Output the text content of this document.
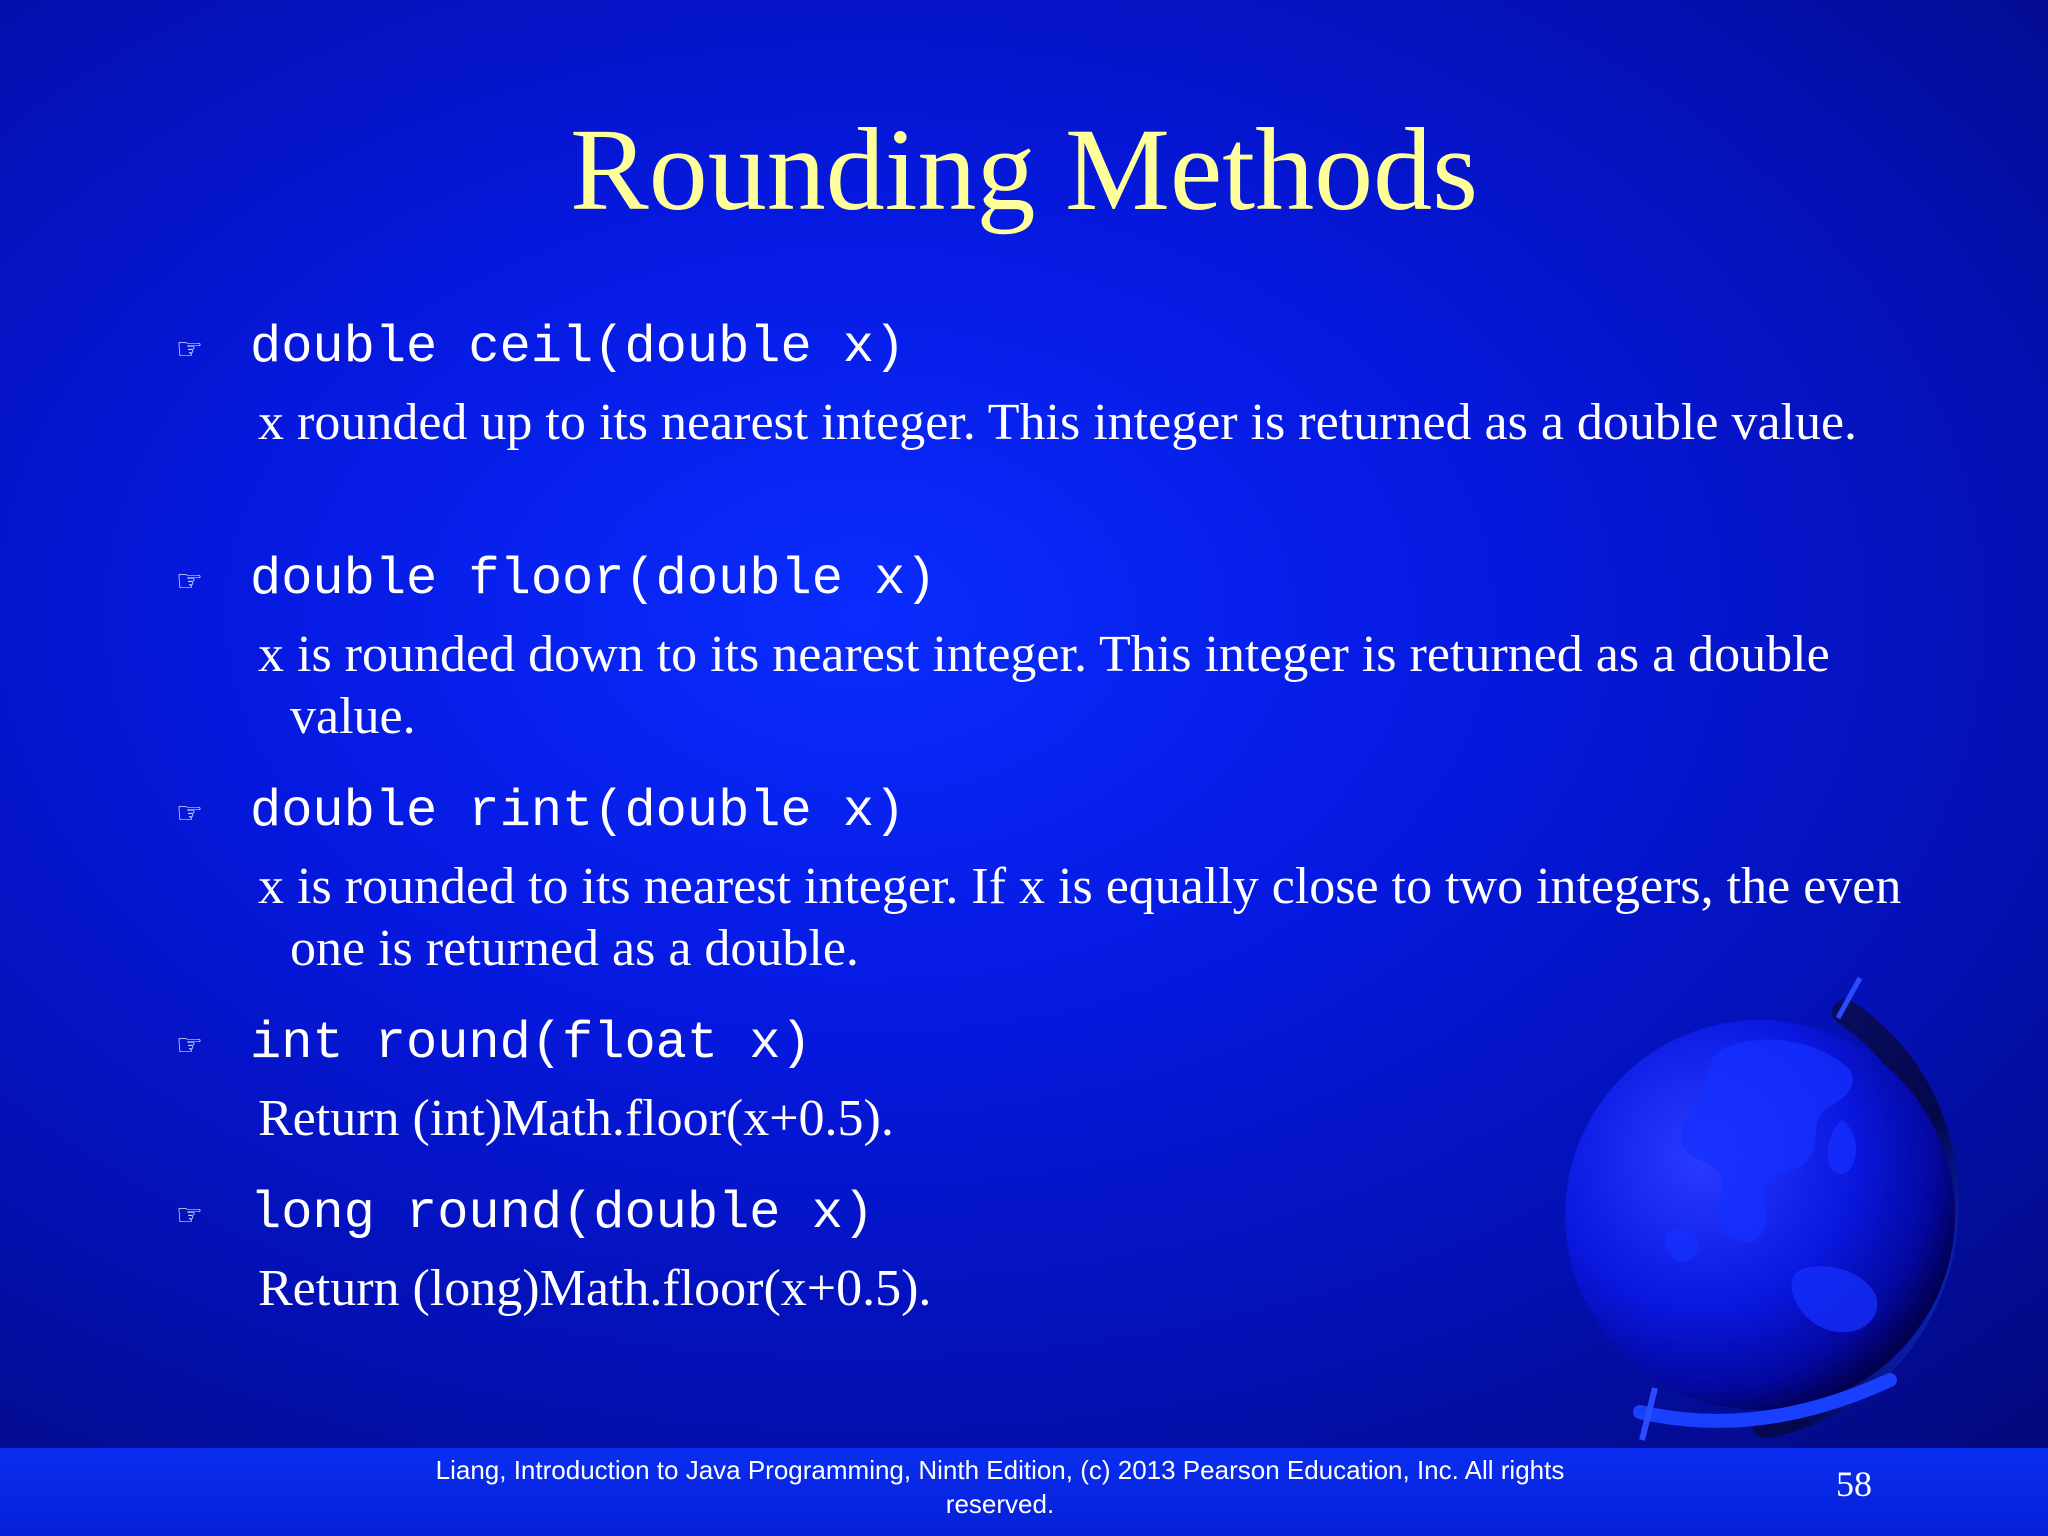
Rounding Methods
☞ double ceil(double x)
x rounded up to its nearest integer. This integer is returned as a double value.
☞ double floor(double x)
x is rounded down to its nearest integer. This integer is returned as a double value.
☞ double rint(double x)
x is rounded to its nearest integer. If x is equally close to two integers, the even one is returned as a double.
☞ int round(float x)
Return (int)Math.floor(x+0.5).
☞ long round(double x)
Return (long)Math.floor(x+0.5).
Liang, Introduction to Java Programming, Ninth Edition, (c) 2013 Pearson Education, Inc. All rights reserved.	58
